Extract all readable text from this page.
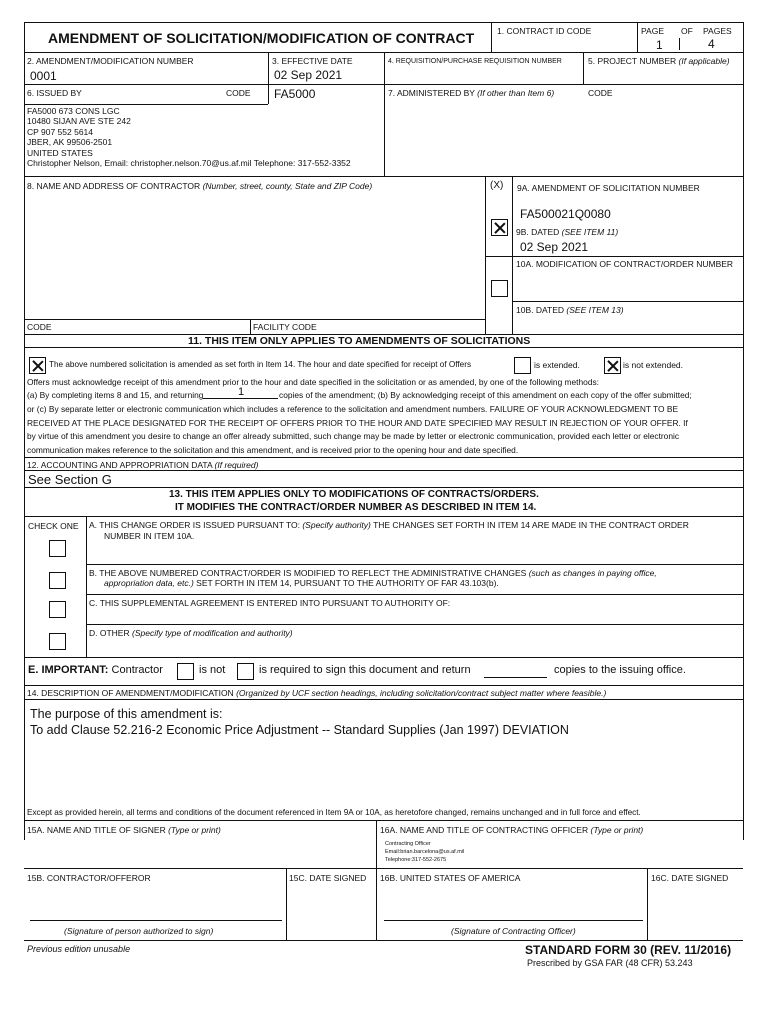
AMENDMENT OF SOLICITATION/MODIFICATION OF CONTRACT	1. CONTRACT ID CODE	PAGE OF PAGES
1	4
2. AMENDMENT/MODIFICATION NUMBER
0001
3. EFFECTIVE DATE
02 Sep 2021
4. REQUISITION/PURCHASE REQUISITION NUMBER	5. PROJECT NUMBER (If applicable)
6. ISSUED BY	CODE FA5000	7. ADMINISTERED BY (If other than Item 6)	CODE
FA5000 673 CONS LGC
10480 SIJAN AVE STE 242
CP 907 552 5614
JBER, AK 99506-2501
UNITED STATES
Christopher Nelson, Email: christopher.nelson.70@us.af.mil Telephone: 317-552-3352
8. NAME AND ADDRESS OF CONTRACTOR (Number, street, county, State and ZIP Code)	(X) 9A. AMENDMENT OF SOLICITATION NUMBER
FA500021Q0080
9B. DATED (SEE ITEM 11)
02 Sep 2021
10A. MODIFICATION OF CONTRACT/ORDER NUMBER
10B. DATED (SEE ITEM 13)
CODE	FACILITY CODE
11. THIS ITEM ONLY APPLIES TO AMENDMENTS OF SOLICITATIONS
The above numbered solicitation is amended as set forth in Item 14. The hour and date specified for receipt of Offers	is extended.	is not extended.
Offers must acknowledge receipt of this amendment prior to the hour and date specified in the solicitation or as amended, by one of the following methods:
(a) By completing items 8 and 15, and returning	1	copies of the amendment; (b) By acknowledging receipt of this amendment on each copy of the offer submitted;
or (c) By separate letter or electronic communication which includes a reference to the solicitation and amendment numbers. FAILURE OF YOUR ACKNOWLEDGMENT TO BE
RECEIVED AT THE PLACE DESIGNATED FOR THE RECEIPT OF OFFERS PRIOR TO THE HOUR AND DATE SPECIFIED MAY RESULT IN REJECTION OF YOUR OFFER. If
by virtue of this amendment you desire to change an offer already submitted, such change may be made by letter or electronic communication, provided each letter or electronic
communication makes reference to the solicitation and this amendment, and is received prior to the opening hour and date specified.
12. ACCOUNTING AND APPROPRIATION DATA (If required)
See Section G
13. THIS ITEM APPLIES ONLY TO MODIFICATIONS OF CONTRACTS/ORDERS.
IT MODIFIES THE CONTRACT/ORDER NUMBER AS DESCRIBED IN ITEM 14.
CHECK ONE A. THIS CHANGE ORDER IS ISSUED PURSUANT TO: (Specify authority) THE CHANGES SET FORTH IN ITEM 14 ARE MADE IN THE CONTRACT ORDER
NUMBER IN ITEM 10A.
B. THE ABOVE NUMBERED CONTRACT/ORDER IS MODIFIED TO REFLECT THE ADMINISTRATIVE CHANGES (such as changes in paying office,
appropriation data, etc.) SET FORTH IN ITEM 14, PURSUANT TO THE AUTHORITY OF FAR 43.103(b).
C. THIS SUPPLEMENTAL AGREEMENT IS ENTERED INTO PURSUANT TO AUTHORITY OF:
D. OTHER (Specify type of modification and authority)
E. IMPORTANT: Contractor	is not	is required to sign this document and return	copies to the issuing office.
14. DESCRIPTION OF AMENDMENT/MODIFICATION (Organized by UCF section headings, including solicitation/contract subject matter where feasible.)
The purpose of this amendment is:
To add Clause 52.216-2 Economic Price Adjustment -- Standard Supplies (Jan 1997) DEVIATION
Except as provided herein, all terms and conditions of the document referenced in Item 9A or 10A, as heretofore changed, remains unchanged and in full force and effect.
15A. NAME AND TITLE OF SIGNER (Type or print)	16A. NAME AND TITLE OF CONTRACTING OFFICER (Type or print)
Contracting Officer
Email:brian.barcelona@us.af.mil
Telephone:317-552-2675
15B. CONTRACTOR/OFFEROR	15C. DATE SIGNED 16B. UNITED STATES OF AMERICA	16C. DATE SIGNED
(Signature of person authorized to sign)	(Signature of Contracting Officer)
Previous edition unusable	STANDARD FORM 30 (REV. 11/2016)
Prescribed by GSA FAR (48 CFR) 53.243
